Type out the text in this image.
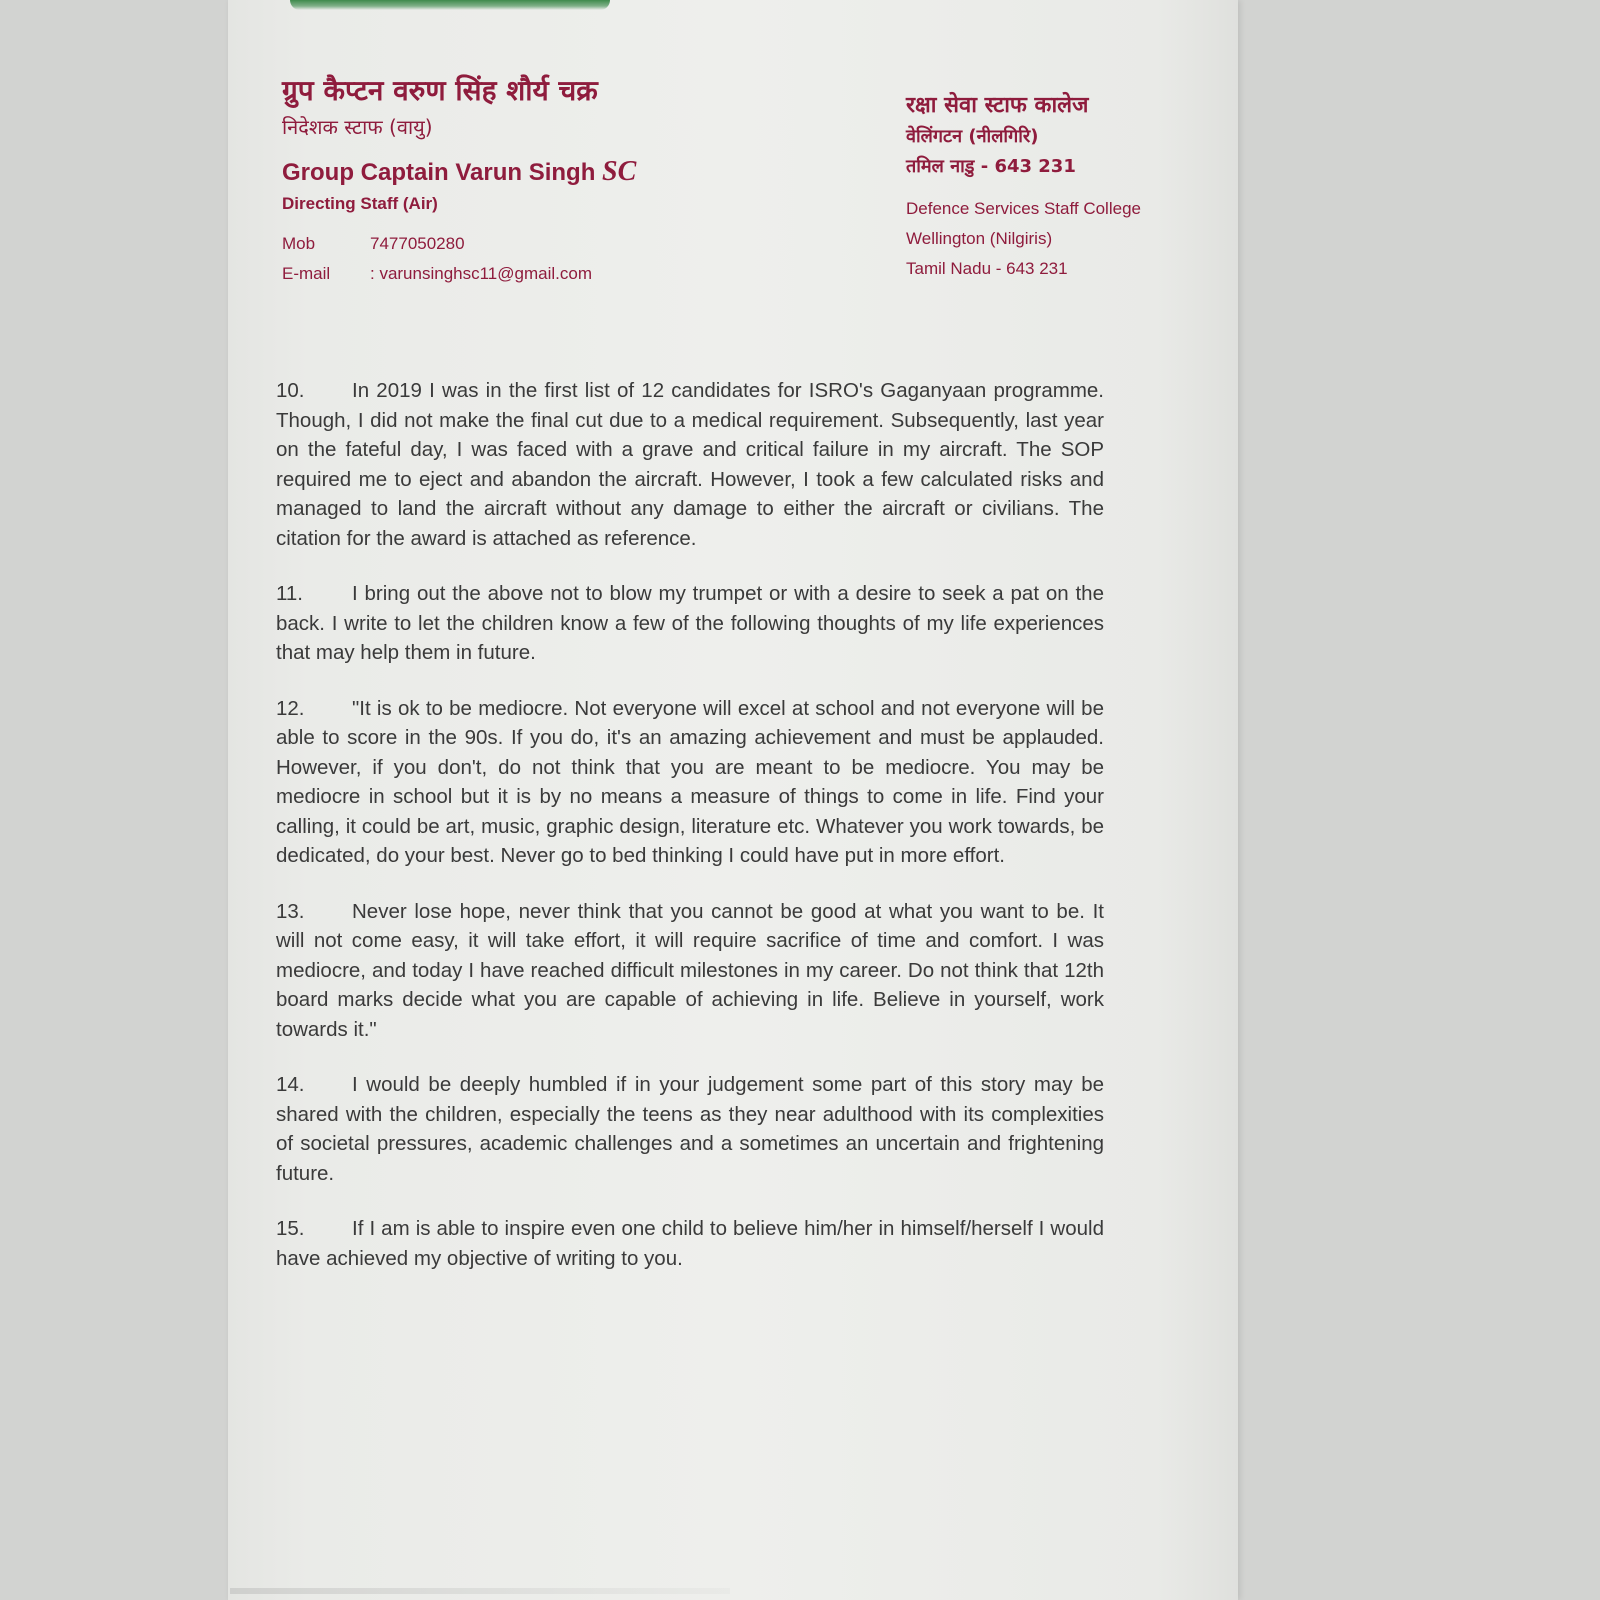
ग्रुप कैप्टन वरुण सिंह शौर्य चक्र
निदेशक स्टाफ (वायु)
Group Captain Varun Singh SC
Directing Staff (Air)
Mob	7477050280
E-mail	: varunsinghsc11@gmail.com
रक्षा सेवा स्टाफ कालेज
वेलिंगटन (नीलगिरि)
तमिल नाडु - 643 231
Defence Services Staff College
Wellington (Nilgiris)
Tamil Nadu - 643 231

10. In 2019 I was in the first list of 12 candidates for ISRO's Gaganyaan programme. Though, I did not make the final cut due to a medical requirement. Subsequently, last year on the fateful day, I was faced with a grave and critical failure in my aircraft. The SOP required me to eject and abandon the aircraft. However, I took a few calculated risks and managed to land the aircraft without any damage to either the aircraft or civilians. The citation for the award is attached as reference.

11. I bring out the above not to blow my trumpet or with a desire to seek a pat on the back. I write to let the children know a few of the following thoughts of my life experiences that may help them in future.

12. "It is ok to be mediocre. Not everyone will excel at school and not everyone will be able to score in the 90s. If you do, it's an amazing achievement and must be applauded. However, if you don't, do not think that you are meant to be mediocre. You may be mediocre in school but it is by no means a measure of things to come in life. Find your calling, it could be art, music, graphic design, literature etc. Whatever you work towards, be dedicated, do your best. Never go to bed thinking I could have put in more effort.

13. Never lose hope, never think that you cannot be good at what you want to be. It will not come easy, it will take effort, it will require sacrifice of time and comfort. I was mediocre, and today I have reached difficult milestones in my career. Do not think that 12th board marks decide what you are capable of achieving in life. Believe in yourself, work towards it."

14. I would be deeply humbled if in your judgement some part of this story may be shared with the children, especially the teens as they near adulthood with its complexities of societal pressures, academic challenges and a sometimes an uncertain and frightening future.

15. If I am is able to inspire even one child to believe him/her in himself/herself I would have achieved my objective of writing to you.
